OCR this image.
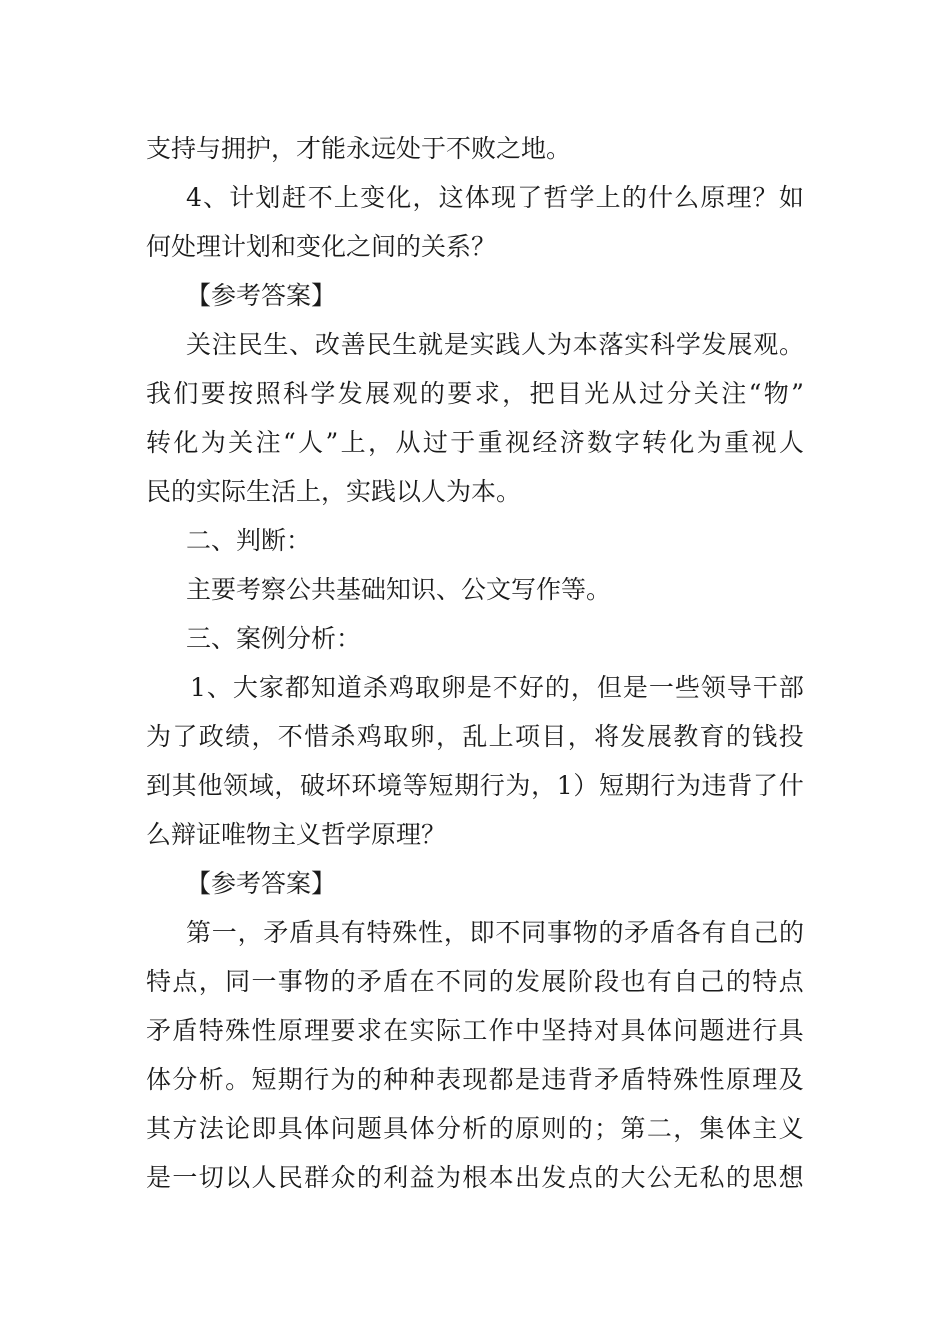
支持与拥护，才能永远处于不败之地。
4 、 计 划 赶 不 上 变 化 ， 这 体 现 了 哲 学 上 的 什 么 原 理 ？ 如
何处理计划和变化之间的关系？
【参考答案】
关 注 民 生 、 改 善 民 生 就 是 实 践 人 为 本 落 实 科 学 发 展 观 。
我 们 要 按 照 科 学 发 展 观 的 要 求 ， 把 目 光 从 过 分 关 注 “ 物 ”
转 化 为 关 注 “ 人 ” 上 ， 从 过 于 重 视 经 济 数 字 转 化 为 重 视 人
民的实际生活上，实践以人为本。
二、判断：
主要考察公共基础知识、公文写作等。
三、案例分析：
1 、 大 家 都 知 道 杀 鸡 取 卵 是 不 好 的 ， 但 是 一 些 领 导 干 部
为 了 政 绩 ， 不 惜 杀 鸡 取 卵 ， 乱 上 项 目 ， 将 发 展 教 育 的 钱 投
到 其 他 领 域 ， 破 坏 环 境 等 短 期 行 为 ， 1 ） 短 期 行 为 违 背 了 什
么辩证唯物主义哲学原理？
【参考答案】
第 一 ， 矛 盾 具 有 特 殊 性 ， 即 不 同 事 物 的 矛 盾 各 有 自 己 的
特 点 ， 同 一 事 物 的 矛 盾 在 不 同 的 发 展 阶 段 也 有 自 己 的 特 点
矛 盾 特 殊 性 原 理 要 求 在 实 际 工 作 中 坚 持 对 具 体 问 题 进 行 具
体 分 析 。 短 期 行 为 的 种 种 表 现 都 是 违 背 矛 盾 特 殊 性 原 理 及
其 方 法 论 即 具 体 问 题 具 体 分 析 的 原 则 的 ； 第 二 ， 集 体 主 义
是 一 切 以 人 民 群 众 的 利 益 为 根 本 出 发 点 的 大 公 无 私 的 思 想
